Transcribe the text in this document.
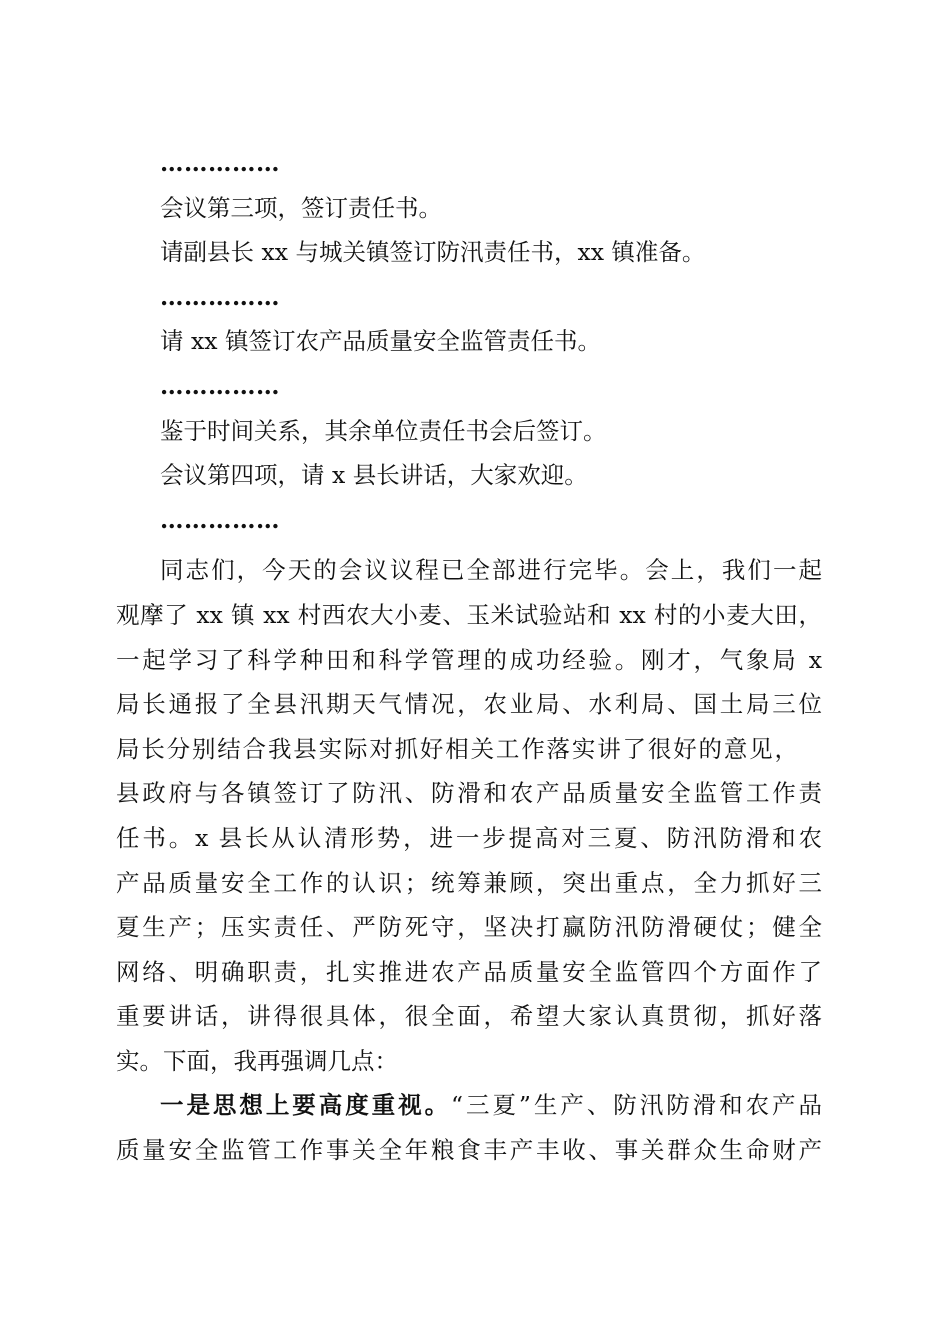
……………

会议第三项，签订责任书。

请副县长 xx 与城关镇签订防汛责任书，xx 镇准备。

……………

请 xx 镇签订农产品质量安全监管责任书。

……………

鉴于时间关系，其余单位责任书会后签订。

会议第四项，请 x 县长讲话，大家欢迎。

……………

同志们，今天的会议议程已全部进行完毕。会上，我们一起

观摩了 xx 镇 xx 村西农大小麦、玉米试验站和 xx 村的小麦大田，

一起学习了科学种田和科学管理的成功经验。刚才，气象局 x

局长通报了全县汛期天气情况，农业局、水利局、国土局三位

局长分别结合我县实际对抓好相关工作落实讲了很好的意见，

县政府与各镇签订了防汛、防滑和农产品质量安全监管工作责

任书。x 县长从认清形势，进一步提高对三夏、防汛防滑和农

产品质量安全工作的认识；统筹兼顾，突出重点，全力抓好三

夏生产；压实责任、严防死守，坚决打赢防汛防滑硬仗；健全

网络、明确职责，扎实推进农产品质量安全监管四个方面作了

重要讲话，讲得很具体，很全面，希望大家认真贯彻，抓好落

实。下面，我再强调几点：

一是思想上要高度重视。“三夏”生产、防汛防滑和农产品

质量安全监管工作事关全年粮食丰产丰收、事关群众生命财产
